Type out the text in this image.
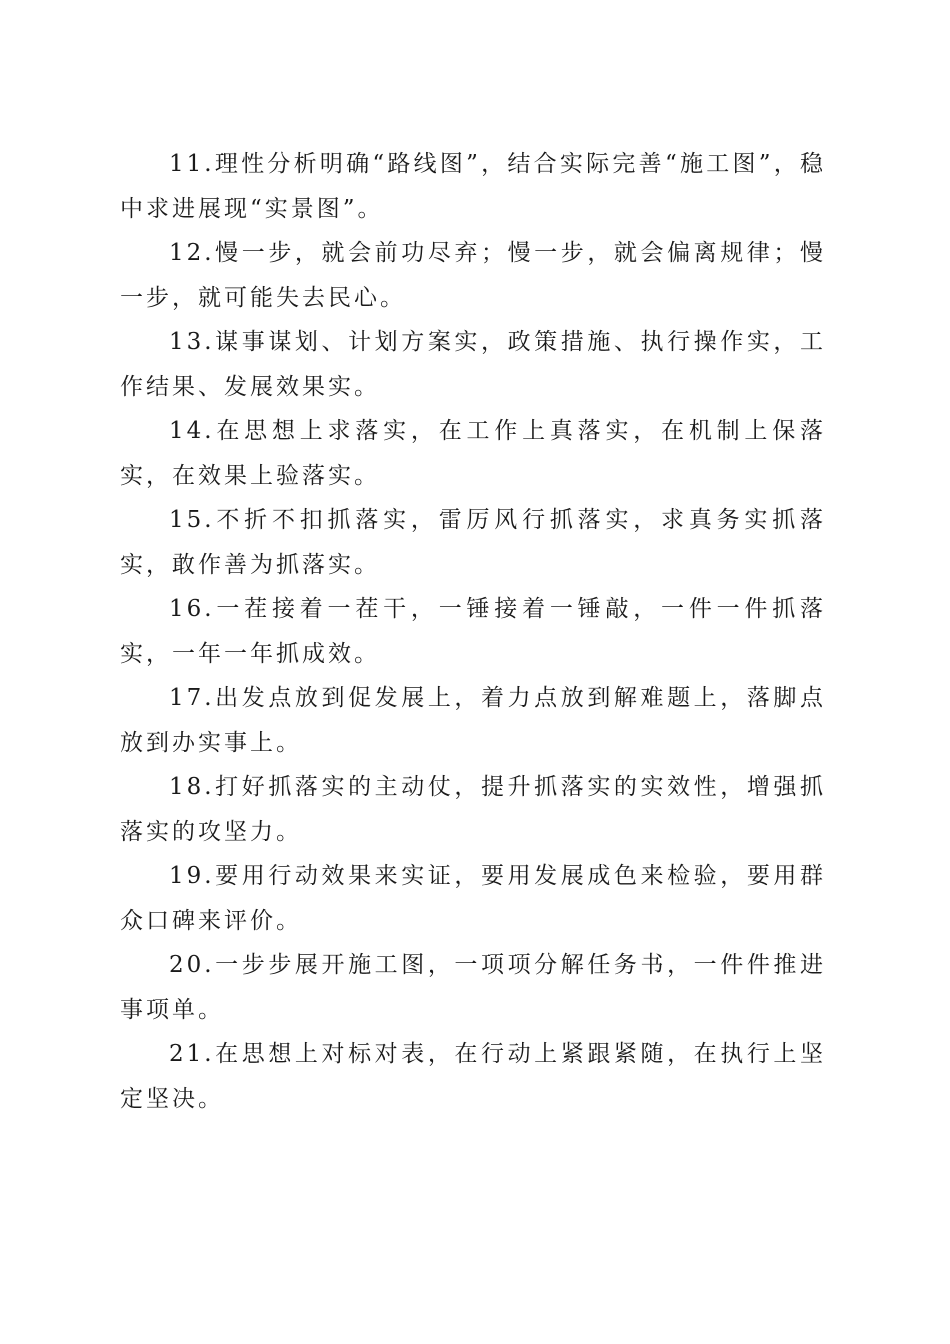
11.理性分析明确“路线图”，结合实际完善“施工图”，稳中求进展现“实景图”。

12.慢一步，就会前功尽弃；慢一步，就会偏离规律；慢一步，就可能失去民心。

13.谋事谋划、计划方案实，政策措施、执行操作实，工作结果、发展效果实。

14.在思想上求落实，在工作上真落实，在机制上保落实，在效果上验落实。

15.不折不扣抓落实，雷厉风行抓落实，求真务实抓落实，敢作善为抓落实。

16.一茬接着一茬干，一锤接着一锤敲，一件一件抓落实，一年一年抓成效。

17.出发点放到促发展上，着力点放到解难题上，落脚点放到办实事上。

18.打好抓落实的主动仗，提升抓落实的实效性，增强抓落实的攻坚力。

19.要用行动效果来实证，要用发展成色来检验，要用群众口碑来评价。

20.一步步展开施工图，一项项分解任务书，一件件推进事项单。

21.在思想上对标对表，在行动上紧跟紧随，在执行上坚定坚决。
